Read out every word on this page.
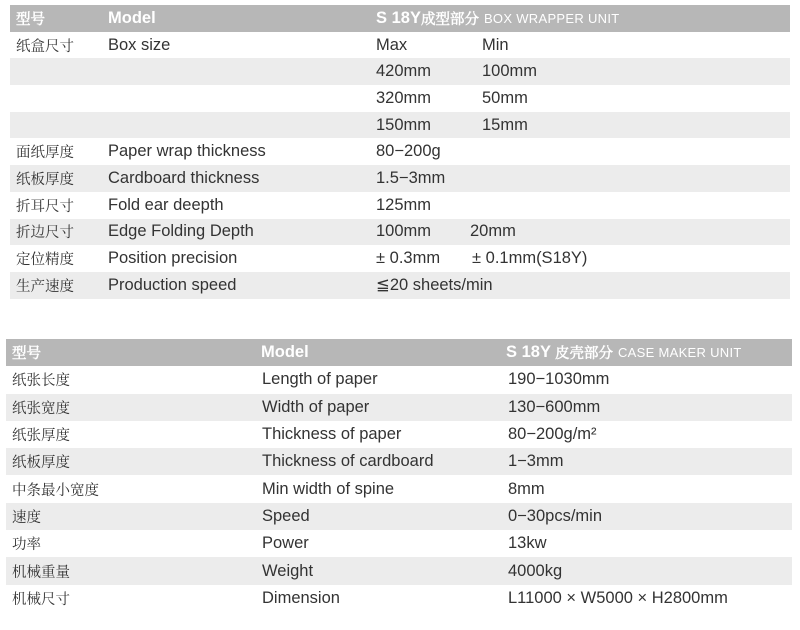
型号	Model	S 18Y 成型部分 BOX WRAPPER UNIT
纸盒尺寸 Box size	Max	Min
420mm	100mm
320mm	50mm
150mm	15mm
面纸厚度 Paper wrap thickness	80−200g
纸板厚度 Cardboard thickness	1.5−3mm
折耳尺寸 Fold ear deepth	125mm
折边尺寸 Edge Folding Depth	100mm 20mm
定位精度 Position precision	± 0.3mm ± 0.1mm(S18Y)
生产速度 Production speed	≦20 sheets/min
型号	Model	S 18Y 皮壳部分 CASE MAKER UNIT
纸张长度	Length of paper	190−1030mm
纸张宽度	Width of paper	130−600mm
纸张厚度	Thickness of paper	80−200g/m²
纸板厚度	Thickness of cardboard	1−3mm
中条最小宽度	Min width of spine	8mm
速度	Speed	0−30pcs/min
功率	Power	13kw
机械重量	Weight	4000kg
机械尺寸	Dimension	L11000 × W5000 × H2800mm
